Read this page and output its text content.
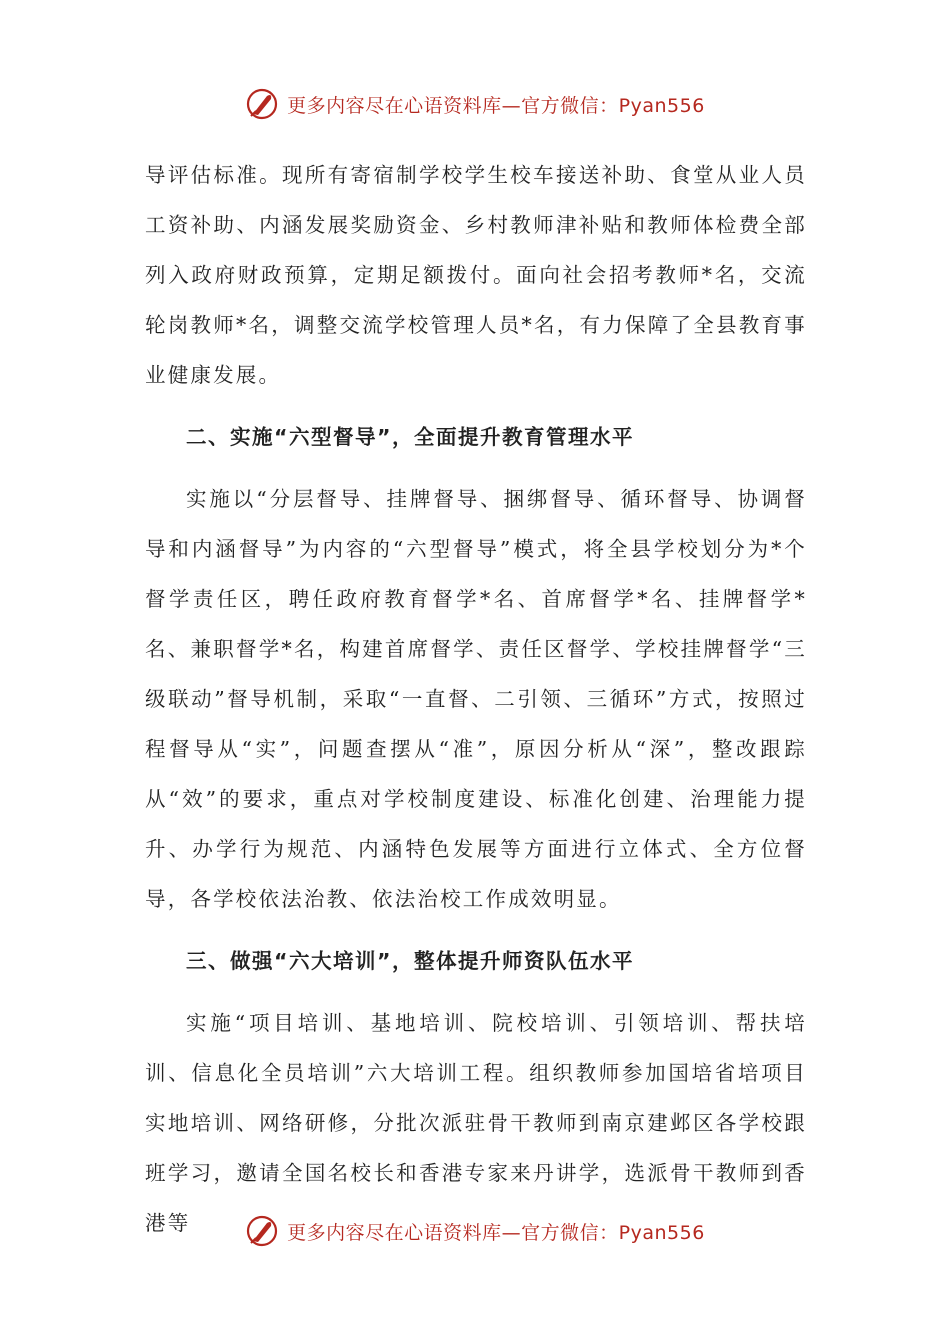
更多内容尽在心语资料库—官方微信：Pyan556

导评估标准。现所有寄宿制学校学生校车接送补助、食堂从业人员工资补助、内涵发展奖励资金、乡村教师津补贴和教师体检费全部列入政府财政预算，定期足额拨付。面向社会招考教师*名，交流轮岗教师*名，调整交流学校管理人员*名，有力保障了全县教育事业健康发展。

二、实施“六型督导”，全面提升教育管理水平

实施以“分层督导、挂牌督导、捆绑督导、循环督导、协调督导和内涵督导”为内容的“六型督导”模式，将全县学校划分为*个督学责任区，聘任政府教育督学*名、首席督学*名、挂牌督学*名、兼职督学*名，构建首席督学、责任区督学、学校挂牌督学“三级联动”督导机制，采取“一直督、二引领、三循环”方式，按照过程督导从“实”，问题查摆从“准”，原因分析从“深”，整改跟踪从“效”的要求，重点对学校制度建设、标准化创建、治理能力提升、办学行为规范、内涵特色发展等方面进行立体式、全方位督导，各学校依法治教、依法治校工作成效明显。

三、做强“六大培训”，整体提升师资队伍水平

实施“项目培训、基地培训、院校培训、引领培训、帮扶培训、信息化全员培训”六大培训工程。组织教师参加国培省培项目实地培训、网络研修，分批次派驻骨干教师到南京建邺区各学校跟班学习，邀请全国名校长和香港专家来丹讲学，选派骨干教师到香港等	更多内容尽在心语资料库—官方微信：Pyan556
